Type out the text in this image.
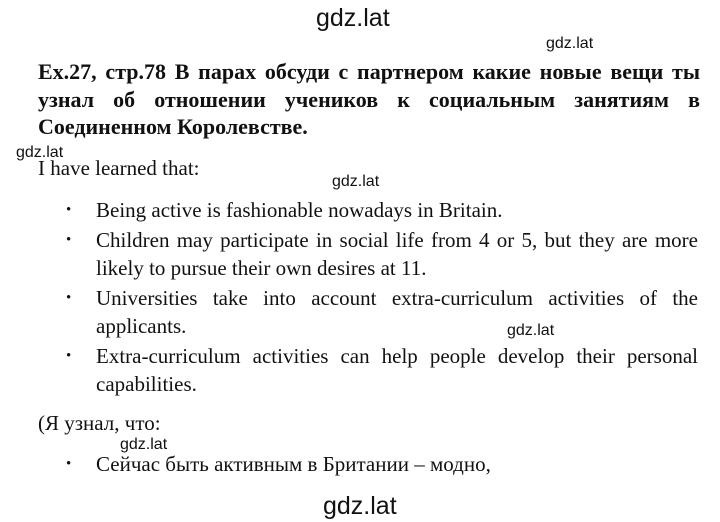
gdz.lat
gdz.lat
gdz.lat
gdz.lat
gdz.lat
gdz.lat
gdz.lat
Ex.27, стр.78 В парах обсуди с партнером какие новые вещи ты узнал об отношении учеников к социальным занятиям в Соединенном Королевстве.
I have learned that:
• Being active is fashionable nowadays in Britain.
• Children may participate in social life from 4 or 5, but they are more likely to pursue their own desires at 11.
• Universities take into account extra-curriculum activities of the applicants.
• Extra-curriculum activities can help people develop their personal capabilities.
(Я узнал, что:
• Сейчас быть активным в Британии – модно,
